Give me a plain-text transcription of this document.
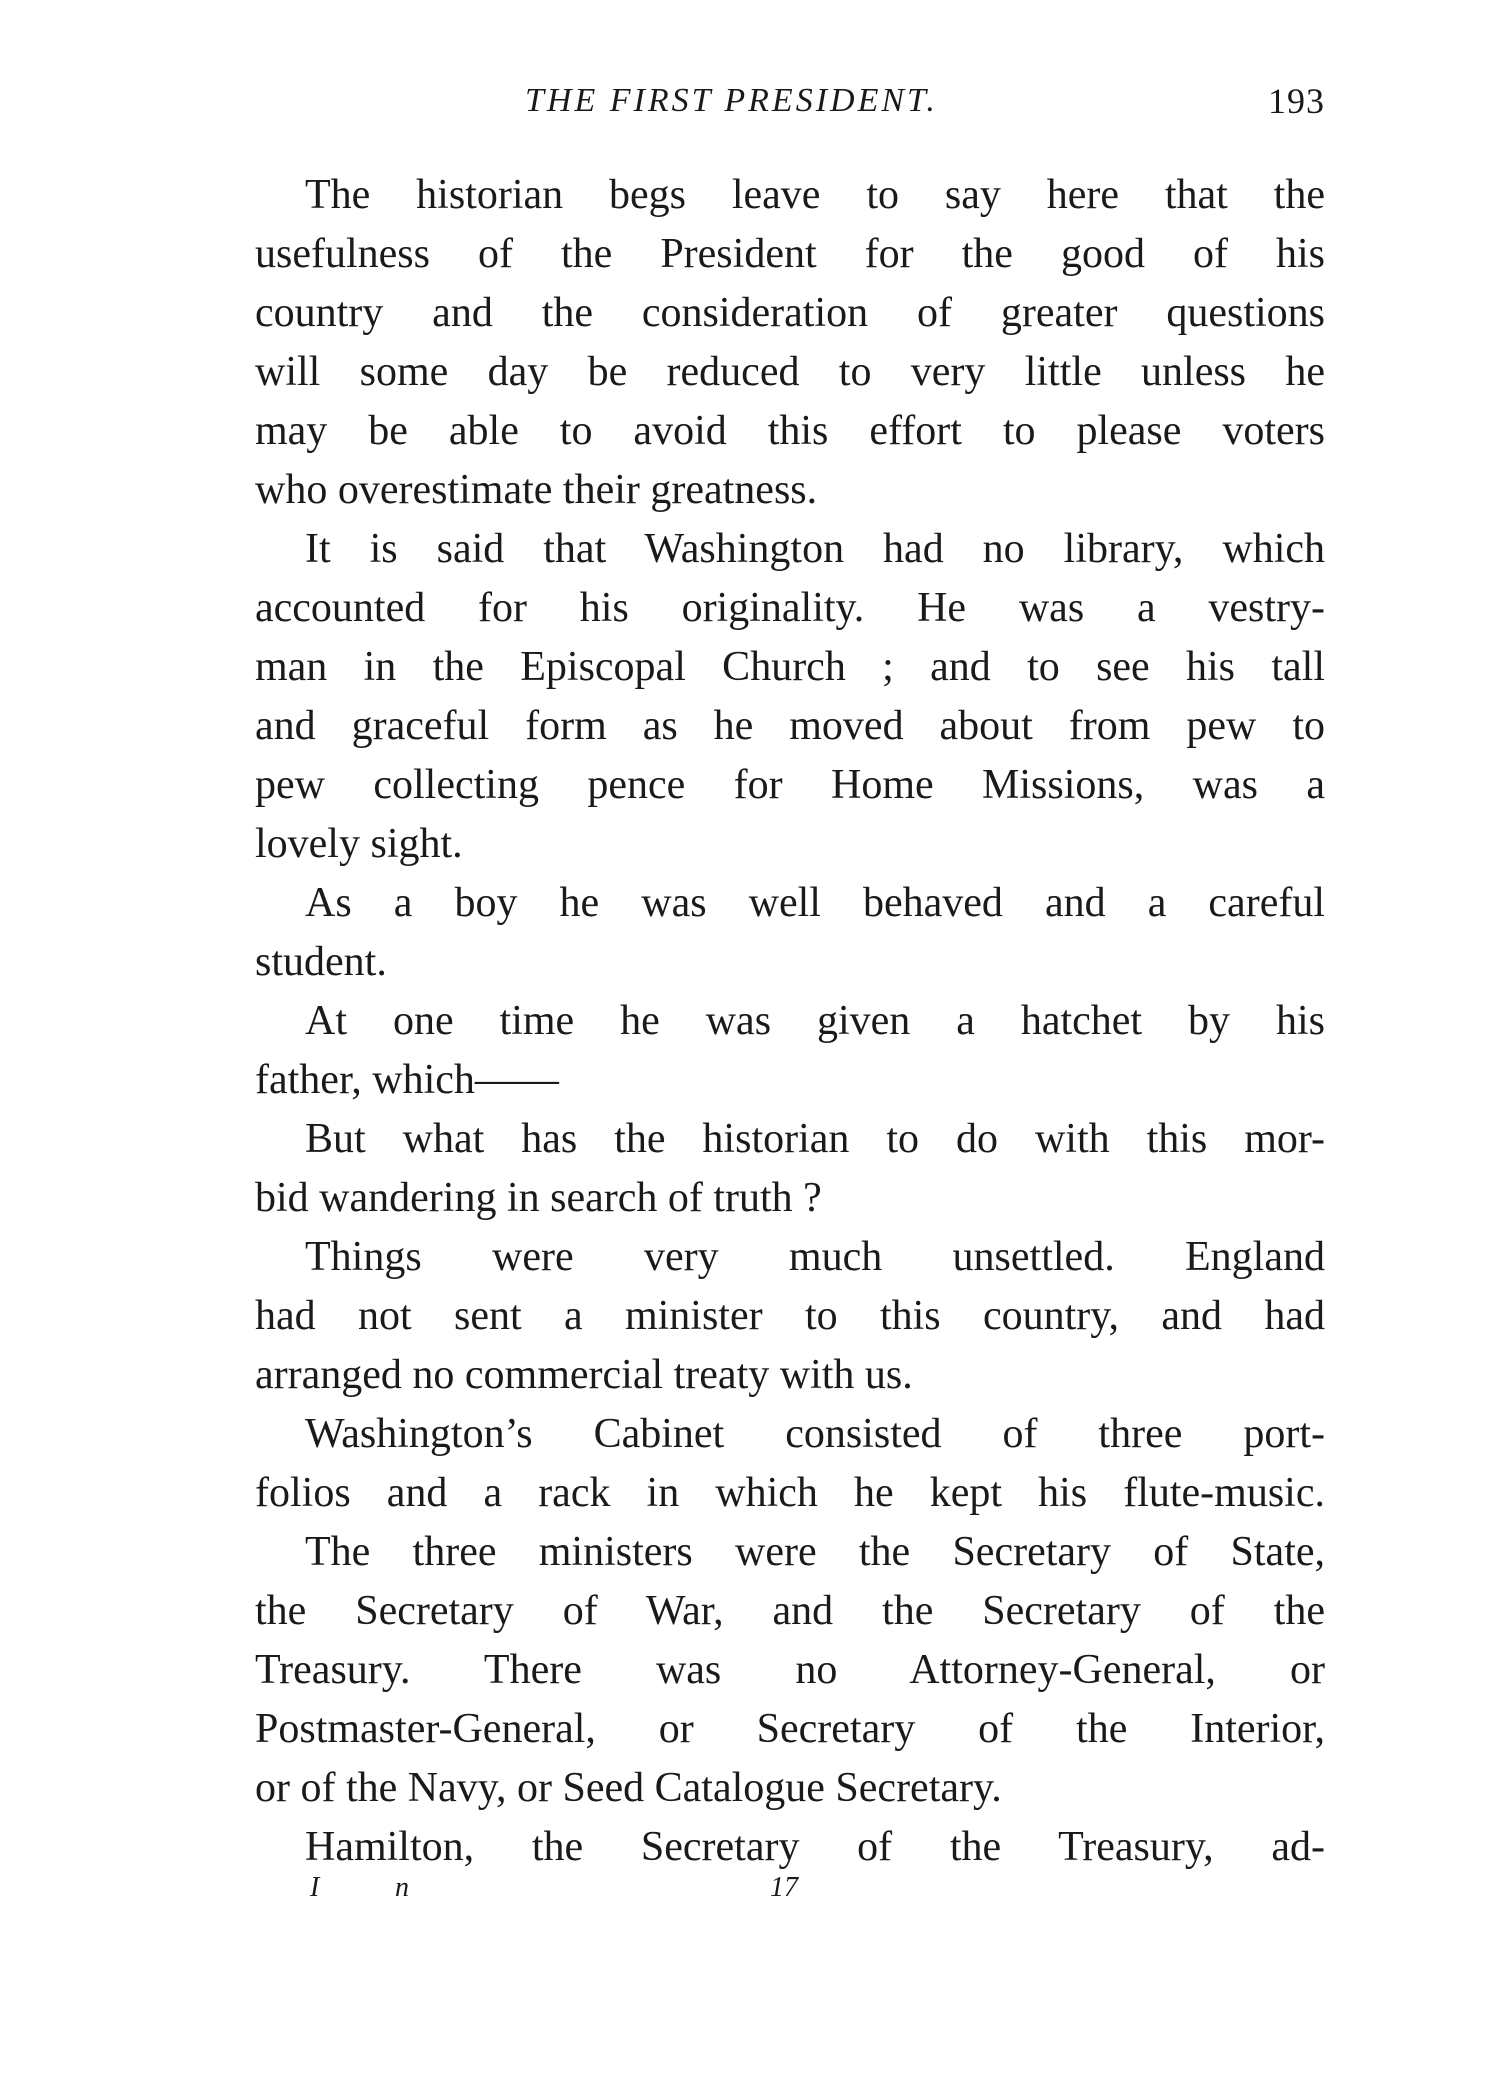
THE FIRST PRESIDENT.	193
The historian begs leave to say here that the
usefulness of the President for the good of his
country and the consideration of greater questions
will some day be reduced to very little unless he
may be able to avoid this effort to please voters
who overestimate their greatness.
It is said that Washington had no library, which
accounted for his originality. He was a vestry-
man in the Episcopal Church ; and to see his tall
and graceful form as he moved about from pew to
pew collecting pence for Home Missions, was a
lovely sight.
As a boy he was well behaved and a careful
student.
At one time he was given a hatchet by his
father, which——
But what has the historian to do with this mor-
bid wandering in search of truth ?
Things were very much unsettled. England
had not sent a minister to this country, and had
arranged no commercial treaty with us.
Washington’s Cabinet consisted of three port-
folios and a rack in which he kept his flute-music.
The three ministers were the Secretary of State,
the Secretary of War, and the Secretary of the
Treasury. There was no Attorney-General, or
Postmaster-General, or Secretary of the Interior,
or of the Navy, or Seed Catalogue Secretary.
Hamilton, the Secretary of the Treasury, ad-
I	n	17
